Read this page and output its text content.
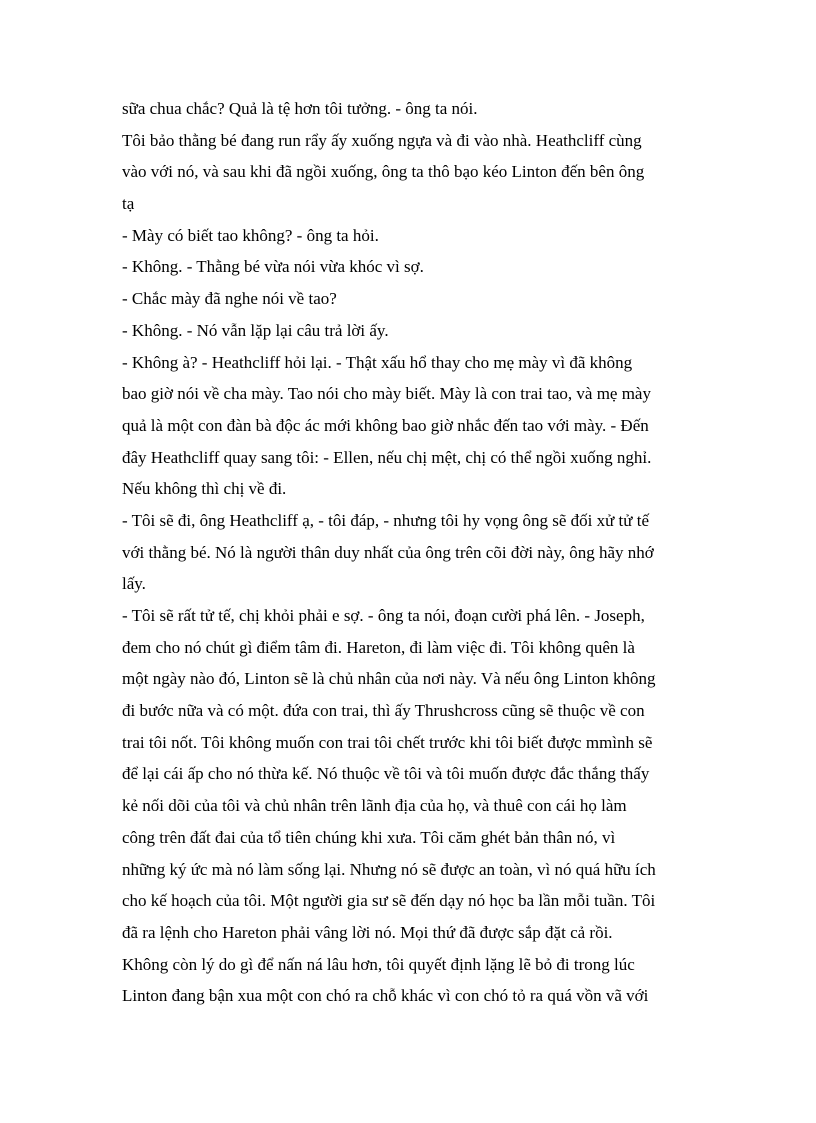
sữa chua chắc? Quả là tệ hơn tôi tưởng. - ông ta nói.
Tôi bảo thằng bé đang run rẩy ấy xuống ngựa và đi vào nhà. Heathcliff cùng
vào với nó, và sau khi đã ngồi xuống, ông ta thô bạo kéo Linton đến bên ông
tạ
- Mày có biết tao không? - ông ta hỏi.
- Không. - Thằng bé vừa nói vừa khóc vì sợ.
- Chắc mày đã nghe nói về tao?
- Không. - Nó vẫn lặp lại câu trả lời ấy.
- Không à? - Heathcliff hỏi lại. - Thật xấu hổ thay cho mẹ mày vì đã không
bao giờ nói về cha mày. Tao nói cho mày biết. Mày là con trai tao, và mẹ mày
quả là một con đàn bà độc ác mới không bao giờ nhắc đến tao với mày. - Đến
đây Heathcliff quay sang tôi: - Ellen, nếu chị mệt, chị có thể ngồi xuống nghỉ.
Nếu không thì chị về đi.
- Tôi sẽ đi, ông Heathcliff ạ, - tôi đáp, - nhưng tôi hy vọng ông sẽ đối xử tử tế
với thằng bé. Nó là người thân duy nhất của ông trên cõi đời này, ông hãy nhớ
lấy.
- Tôi sẽ rất tử tế, chị khỏi phải e sợ. - ông ta nói, đoạn cười phá lên. - Joseph,
đem cho nó chút gì điểm tâm đi. Hareton, đi làm việc đi. Tôi không quên là
một ngày nào đó, Linton sẽ là chủ nhân của nơi này. Và nếu ông Linton không
đi bước nữa và có một. đứa con trai, thì ấy Thrushcross cũng sẽ thuộc về con
trai tôi nốt. Tôi không muốn con trai tôi chết trước khi tôi biết được mmình sẽ
để lại cái ấp cho nó thừa kế. Nó thuộc về tôi và tôi muốn được đắc thắng thấy
kẻ nối dõi của tôi và chủ nhân trên lãnh địa của họ, và thuê con cái họ làm
công trên đất đai của tổ tiên chúng khi xưa. Tôi căm ghét bản thân nó, vì
những ký ức mà nó làm sống lại. Nhưng nó sẽ được an toàn, vì nó quá hữu ích
cho kế hoạch của tôi. Một người gia sư sẽ đến dạy nó học ba lần mỗi tuần. Tôi
đã ra lệnh cho Hareton phải vâng lời nó. Mọi thứ đã được sắp đặt cả rồi.
Không còn lý do gì để nấn ná lâu hơn, tôi quyết định lặng lẽ bỏ đi trong lúc
Linton đang bận xua một con chó ra chỗ khác vì con chó tỏ ra quá vồn vã với
